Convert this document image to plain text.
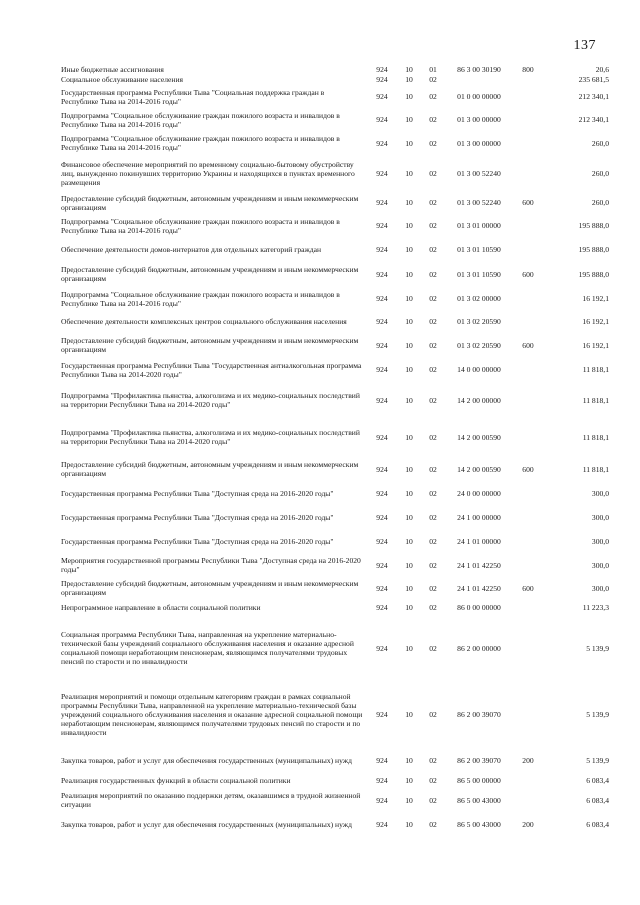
137
Иные бюджетные ассигнования	924	10	01	86 3 00 30190	800	20,6
Социальное обслуживание населения	924	10	02			235 681,5
Государственная программа Республики Тыва "Социальная поддержка граждан в Республике Тыва на 2014-2016 годы"	924	10	02	01 0 00 00000		212 340,1
Подпрограмма "Социальное обслуживание граждан пожилого возраста и инвалидов в Республике Тыва на 2014-2016 годы"	924	10	02	01 3 00 00000		212 340,1
Подпрограмма "Социальное обслуживание граждан пожилого возраста и инвалидов в Республике Тыва на 2014-2016 годы"	924	10	02	01 3 00 00000		260,0
Финансовое обеспечение мероприятий по временному социально-бытовому обустройству лиц, вынужденно покинувших территорию Украины и находящихся в пунктах временного размещения	924	10	02	01 3 00 52240		260,0
Предоставление субсидий бюджетным, автономным учреждениям и иным некоммерческим организациям	924	10	02	01 3 00 52240	600	260,0
Подпрограмма "Социальное обслуживание граждан пожилого возраста и инвалидов в Республике Тыва на 2014-2016 годы"	924	10	02	01 3 01 00000		195 888,0
Обеспечение деятельности домов-интернатов для отдельных категорий граждан	924	10	02	01 3 01 10590		195 888,0
Предоставление субсидий бюджетным, автономным учреждениям и иным некоммерческим организациям	924	10	02	01 3 01 10590	600	195 888,0
Подпрограмма "Социальное обслуживание граждан пожилого возраста и инвалидов в Республике Тыва на 2014-2016 годы"	924	10	02	01 3 02 00000		16 192,1
Обеспечение деятельности комплексных центров социального обслуживания населения	924	10	02	01 3 02 20590		16 192,1
Предоставление субсидий бюджетным, автономным учреждениям и иным некоммерческим организациям	924	10	02	01 3 02 20590	600	16 192,1
Государственная программа Республики Тыва "Государственная антиалкогольная программа Республики Тыва на 2014-2020 годы"	924	10	02	14 0 00 00000		11 818,1
Подпрограмма "Профилактика пьянства, алкоголизма и их медико-социальных последствий на территории Республики Тыва на 2014-2020 годы"	924	10	02	14 2 00 00000		11 818,1
Подпрограмма "Профилактика пьянства, алкоголизма и их медико-социальных последствий на территории Республики Тыва на 2014-2020 годы"	924	10	02	14 2 00 00590		11 818,1
Предоставление субсидий бюджетным, автономным учреждениям и иным некоммерческим организациям	924	10	02	14 2 00 00590	600	11 818,1
Государственная программа Республики Тыва "Доступная среда на 2016-2020 годы"	924	10	02	24 0 00 00000		300,0
Государственная программа Республики Тыва "Доступная среда на 2016-2020 годы"	924	10	02	24 1 00 00000		300,0
Государственная программа Республики Тыва "Доступная среда на 2016-2020 годы"	924	10	02	24 1 01 00000		300,0
Мероприятия государственной программы Республики Тыва "Доступная среда на 2016-2020 годы"	924	10	02	24 1 01 42250		300,0
Предоставление субсидий бюджетным, автономным учреждениям и иным некоммерческим организациям	924	10	02	24 1 01 42250	600	300,0
Непрограммное направление в области социальной политики	924	10	02	86 0 00 00000		11 223,3
Социальная программа Республики Тыва, направленная на укрепление материально-технической базы учреждений социального обслуживания населения и оказание адресной социальной помощи неработающим пенсионерам, являющимся получателями трудовых пенсий по старости и по инвалидности	924	10	02	86 2 00 00000		5 139,9
Реализация мероприятий и помощи отдельным категориям граждан в рамках социальной программы Республики Тыва, направленной на укрепление материально-технической базы учреждений социального обслуживания населения и оказание адресной социальной помощи неработающим пенсионерам, являющимся получателями трудовых пенсий по старости и по инвалидности	924	10	02	86 2 00 39070		5 139,9
Закупка товаров, работ и услуг для обеспечения государственных (муниципальных) нужд	924	10	02	86 2 00 39070	200	5 139,9
Реализация государственных функций в области социальной политики	924	10	02	86 5 00 00000		6 083,4
Реализация мероприятий по оказанию поддержки детям, оказавшимся в трудной жизненной ситуации	924	10	02	86 5 00 43000		6 083,4
Закупка товаров, работ и услуг для обеспечения государственных (муниципальных) нужд	924	10	02	86 5 00 43000	200	6 083,4
